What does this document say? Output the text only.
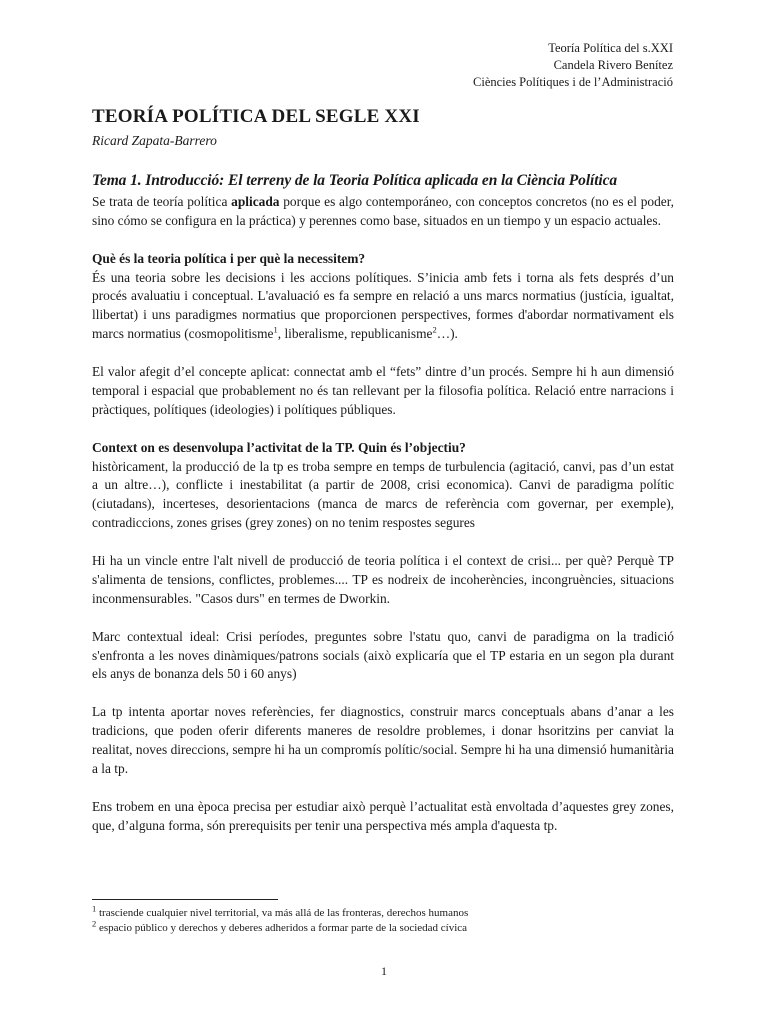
Teoría Política del s.XXI
Candela Rivero Benítez
Ciències Polítiques i de l’Administració
TEORÍA POLÍTICA DEL SEGLE XXI
Ricard Zapata-Barrero
Tema 1. Introducció: El terreny de la Teoria Política aplicada en la Ciència Política

Se trata de teoría política aplicada porque es algo contemporáneo, con conceptos concretos (no es el poder, sino cómo se configura en la práctica) y perennes como base, situados en un tiempo y un espacio actuales.

Què és la teoria política i per què la necessitem?
És una teoria sobre les decisions i les accions polítiques. S’inicia amb fets i torna als fets després d’un procés avaluatiu i conceptual. L'avaluació es fa sempre en relació a uns marcs normatius (justícia, igualtat, llibertat) i uns paradigmes normatius que proporcionen perspectives, formes d'abordar normativament els marcs normatius (cosmopolitisme$^1$, liberalisme, republicanisme$^2$…).

El valor afegit d’el concepte aplicat: connectat amb el “fets” dintre d’un procés. Sempre hi h aun dimensió temporal i espacial que probablement no és tan rellevant per la filosofia política. Relació entre narracions i pràctiques, polítiques (ideologies) i polítiques públiques.

Context on es desenvolupa l’activitat de la TP. Quin és l’objectiu?
històricament, la producció de la tp es troba sempre en temps de turbulencia (agitació, canvi, pas d’un estat a un altre…), conflicte i inestabilitat (a partir de 2008, crisi economica). Canvi de paradigma polític (ciutadans), incerteses, desorientacions (manca de marcs de referència com governar, per exemple), contradiccions, zones grises (grey zones) on no tenim respostes segures

Hi ha un vincle entre l'alt nivell de producció de teoria política i el context de crisi... per què? Perquè TP s'alimenta de tensions, conflictes, problemes.... TP es nodreix de incoherències, incongruències, situacions inconmensurables. "Casos durs" en termes de Dworkin.

Marc contextual ideal: Crisi períodes, preguntes sobre l'statu quo, canvi de paradigma on la tradició s'enfronta a les noves dinàmiques/patrons socials (això explicaría que el TP estaria en un segon pla durant els anys de bonanza dels 50 i 60 anys)

La tp intenta aportar noves referències, fer diagnostics, construir marcs conceptuals abans d’anar a les tradicions, que poden oferir diferents maneres de resoldre problemes, i donar hsoritzins per canviat la realitat, noves direccions, sempre hi ha un compromís polític/social. Sempre hi ha una dimensió humanitària a la tp.

Ens trobem en una època precisa per estudiar això perquè l’actualitat està envoltada d’aquestes grey zones, que, d’alguna forma, són prerequisits per tenir una perspectiva més ampla d'aquesta tp.

$^1$ trasciende cualquier nivel territorial, va más allá de las fronteras, derechos humanos
$^2$ espacio público y derechos y deberes adheridos a formar parte de la sociedad cívica
1
